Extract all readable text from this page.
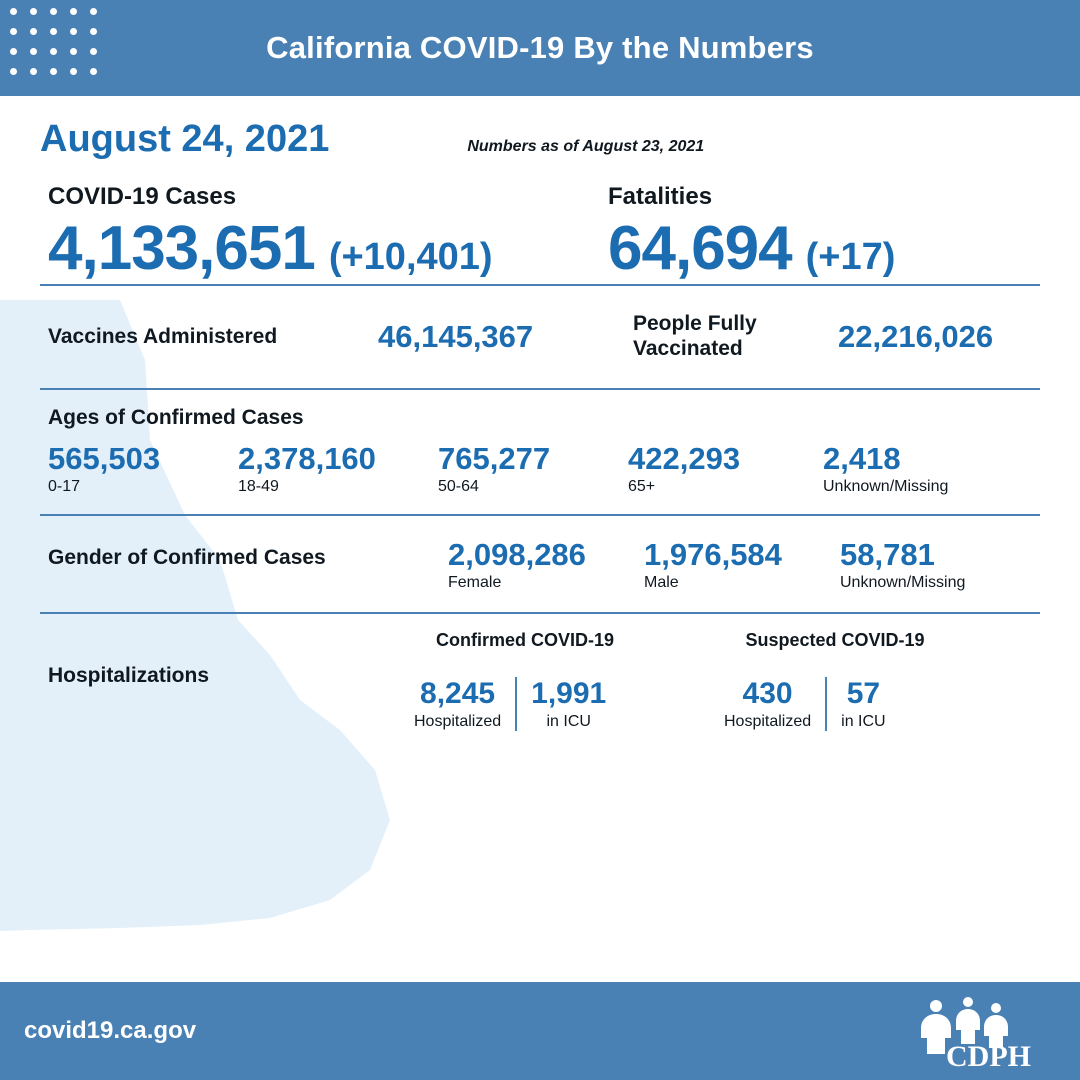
California COVID-19 By the Numbers
August 24, 2021	Numbers as of August 23, 2021
COVID-19 Cases
4,133,651 (+10,401)
Fatalities
64,694 (+17)
Vaccines Administered	46,145,367	People Fully Vaccinated	22,216,026
Ages of Confirmed Cases
565,503
0-17
2,378,160
18-49
765,277
50-64
422,293
65+
2,418
Unknown/Missing
Gender of Confirmed Cases	2,098,286
Female
1,976,584
Male
58,781
Unknown/Missing
Hospitalizations
Confirmed COVID-19
8,245
Hospitalized
1,991
in ICU
Suspected COVID-19
430
Hospitalized
57
in ICU
covid19.ca.gov
CDPH
